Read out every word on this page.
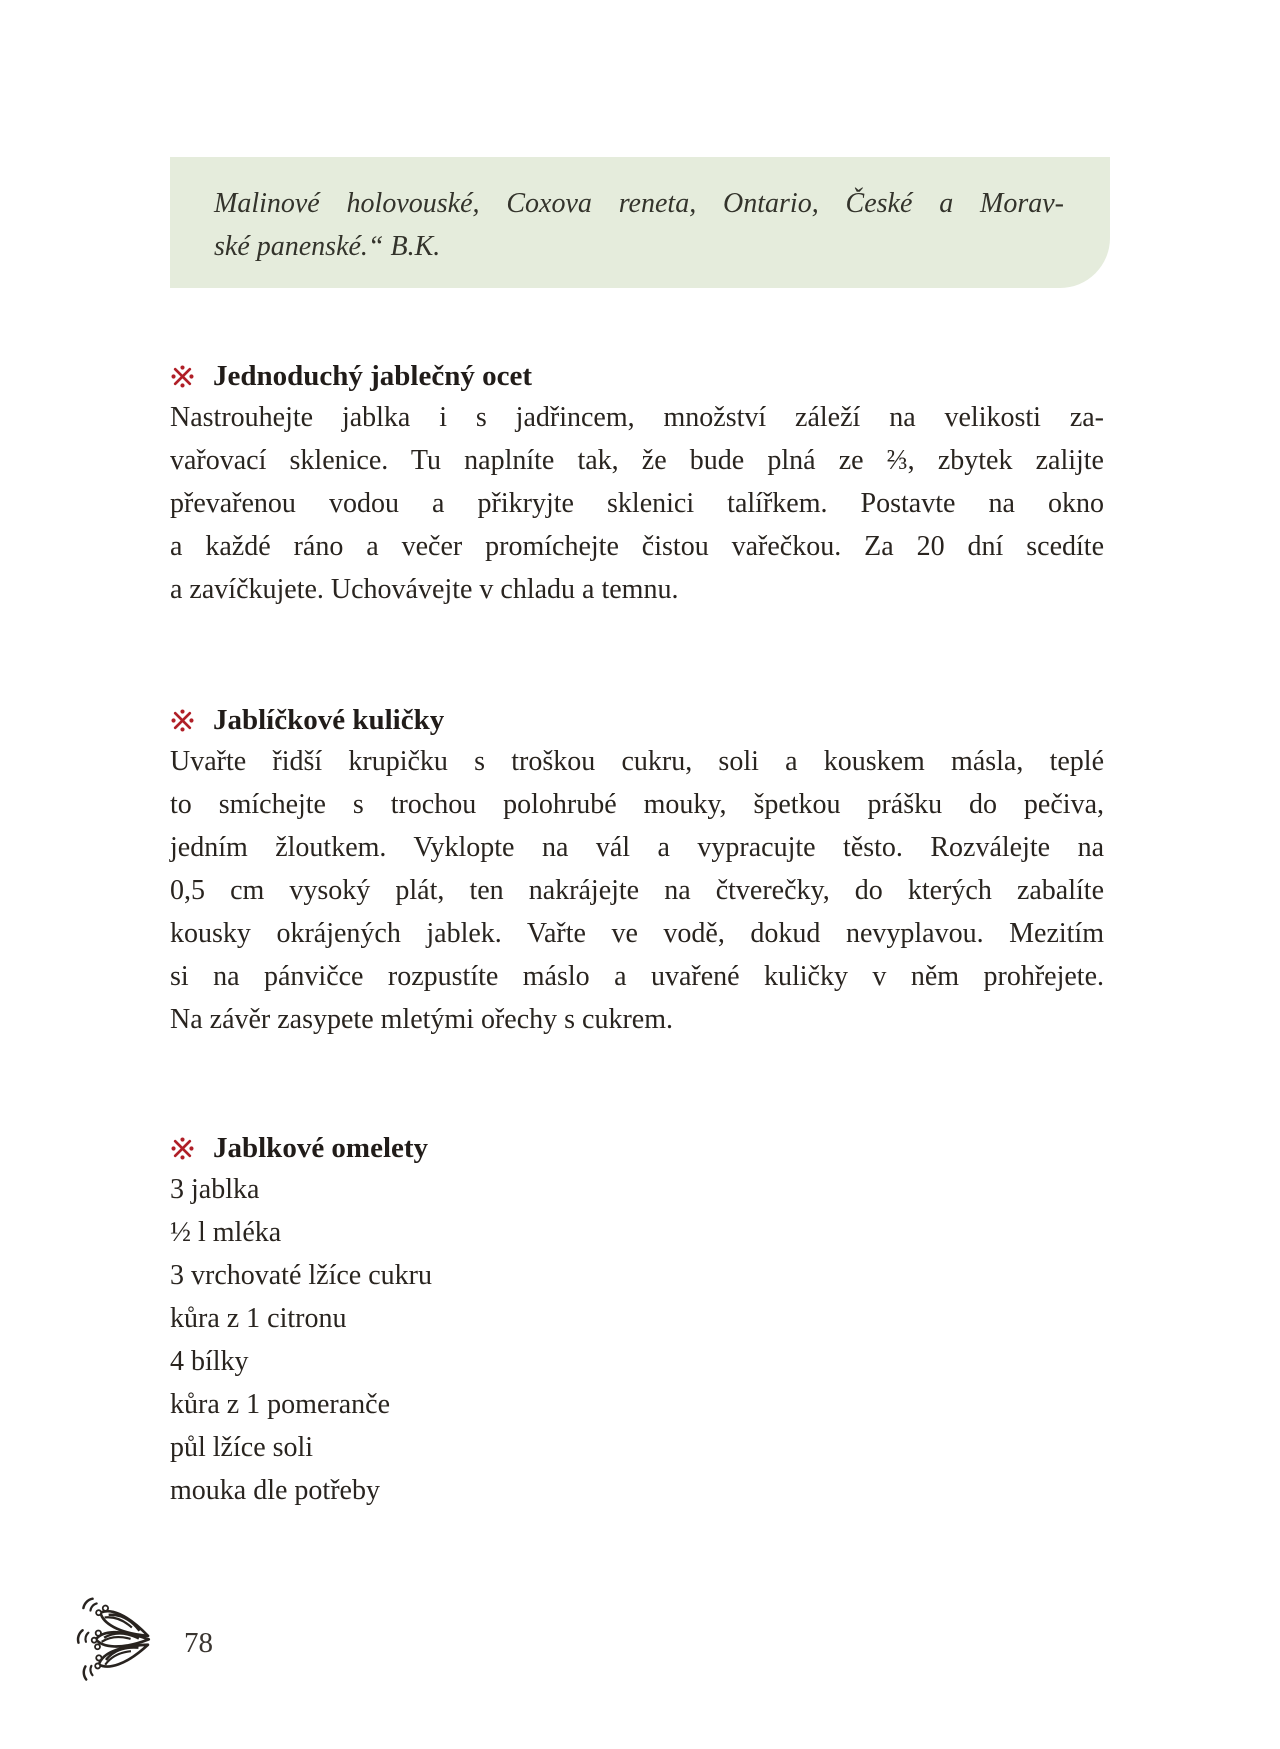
Malinové holovouské, Coxova reneta, Ontario, České a Morav-
ské panenské.“ B.K.
Jednoduchý jablečný ocet
Nastrouhejte jablka i s jadřincem, množství záleží na velikosti za-
vařovací sklenice. Tu naplníte tak, že bude plná ze ⅔, zbytek zalijte
převařenou vodou a přikryjte sklenici talířkem. Postavte na okno
a každé ráno a večer promíchejte čistou vařečkou. Za 20 dní scedíte
a zavíčkujete. Uchovávejte v chladu a temnu.
Jablíčkové kuličky
Uvařte řidší krupičku s troškou cukru, soli a kouskem másla, teplé
to smíchejte s trochou polohrubé mouky, špetkou prášku do pečiva,
jedním žloutkem. Vyklopte na vál a vypracujte těsto. Rozválejte na
0,5 cm vysoký plát, ten nakrájejte na čtverečky, do kterých zabalíte
kousky okrájených jablek. Vařte ve vodě, dokud nevyplavou. Mezitím
si na pánvičce rozpustíte máslo a uvařené kuličky v něm prohřejete.
Na závěr zasypete mletými ořechy s cukrem.
Jablkové omelety
3 jablka
½ l mléka
3 vrchovaté lžíce cukru
kůra z 1 citronu
4 bílky
kůra z 1 pomeranče
půl lžíce soli
mouka dle potřeby
78
